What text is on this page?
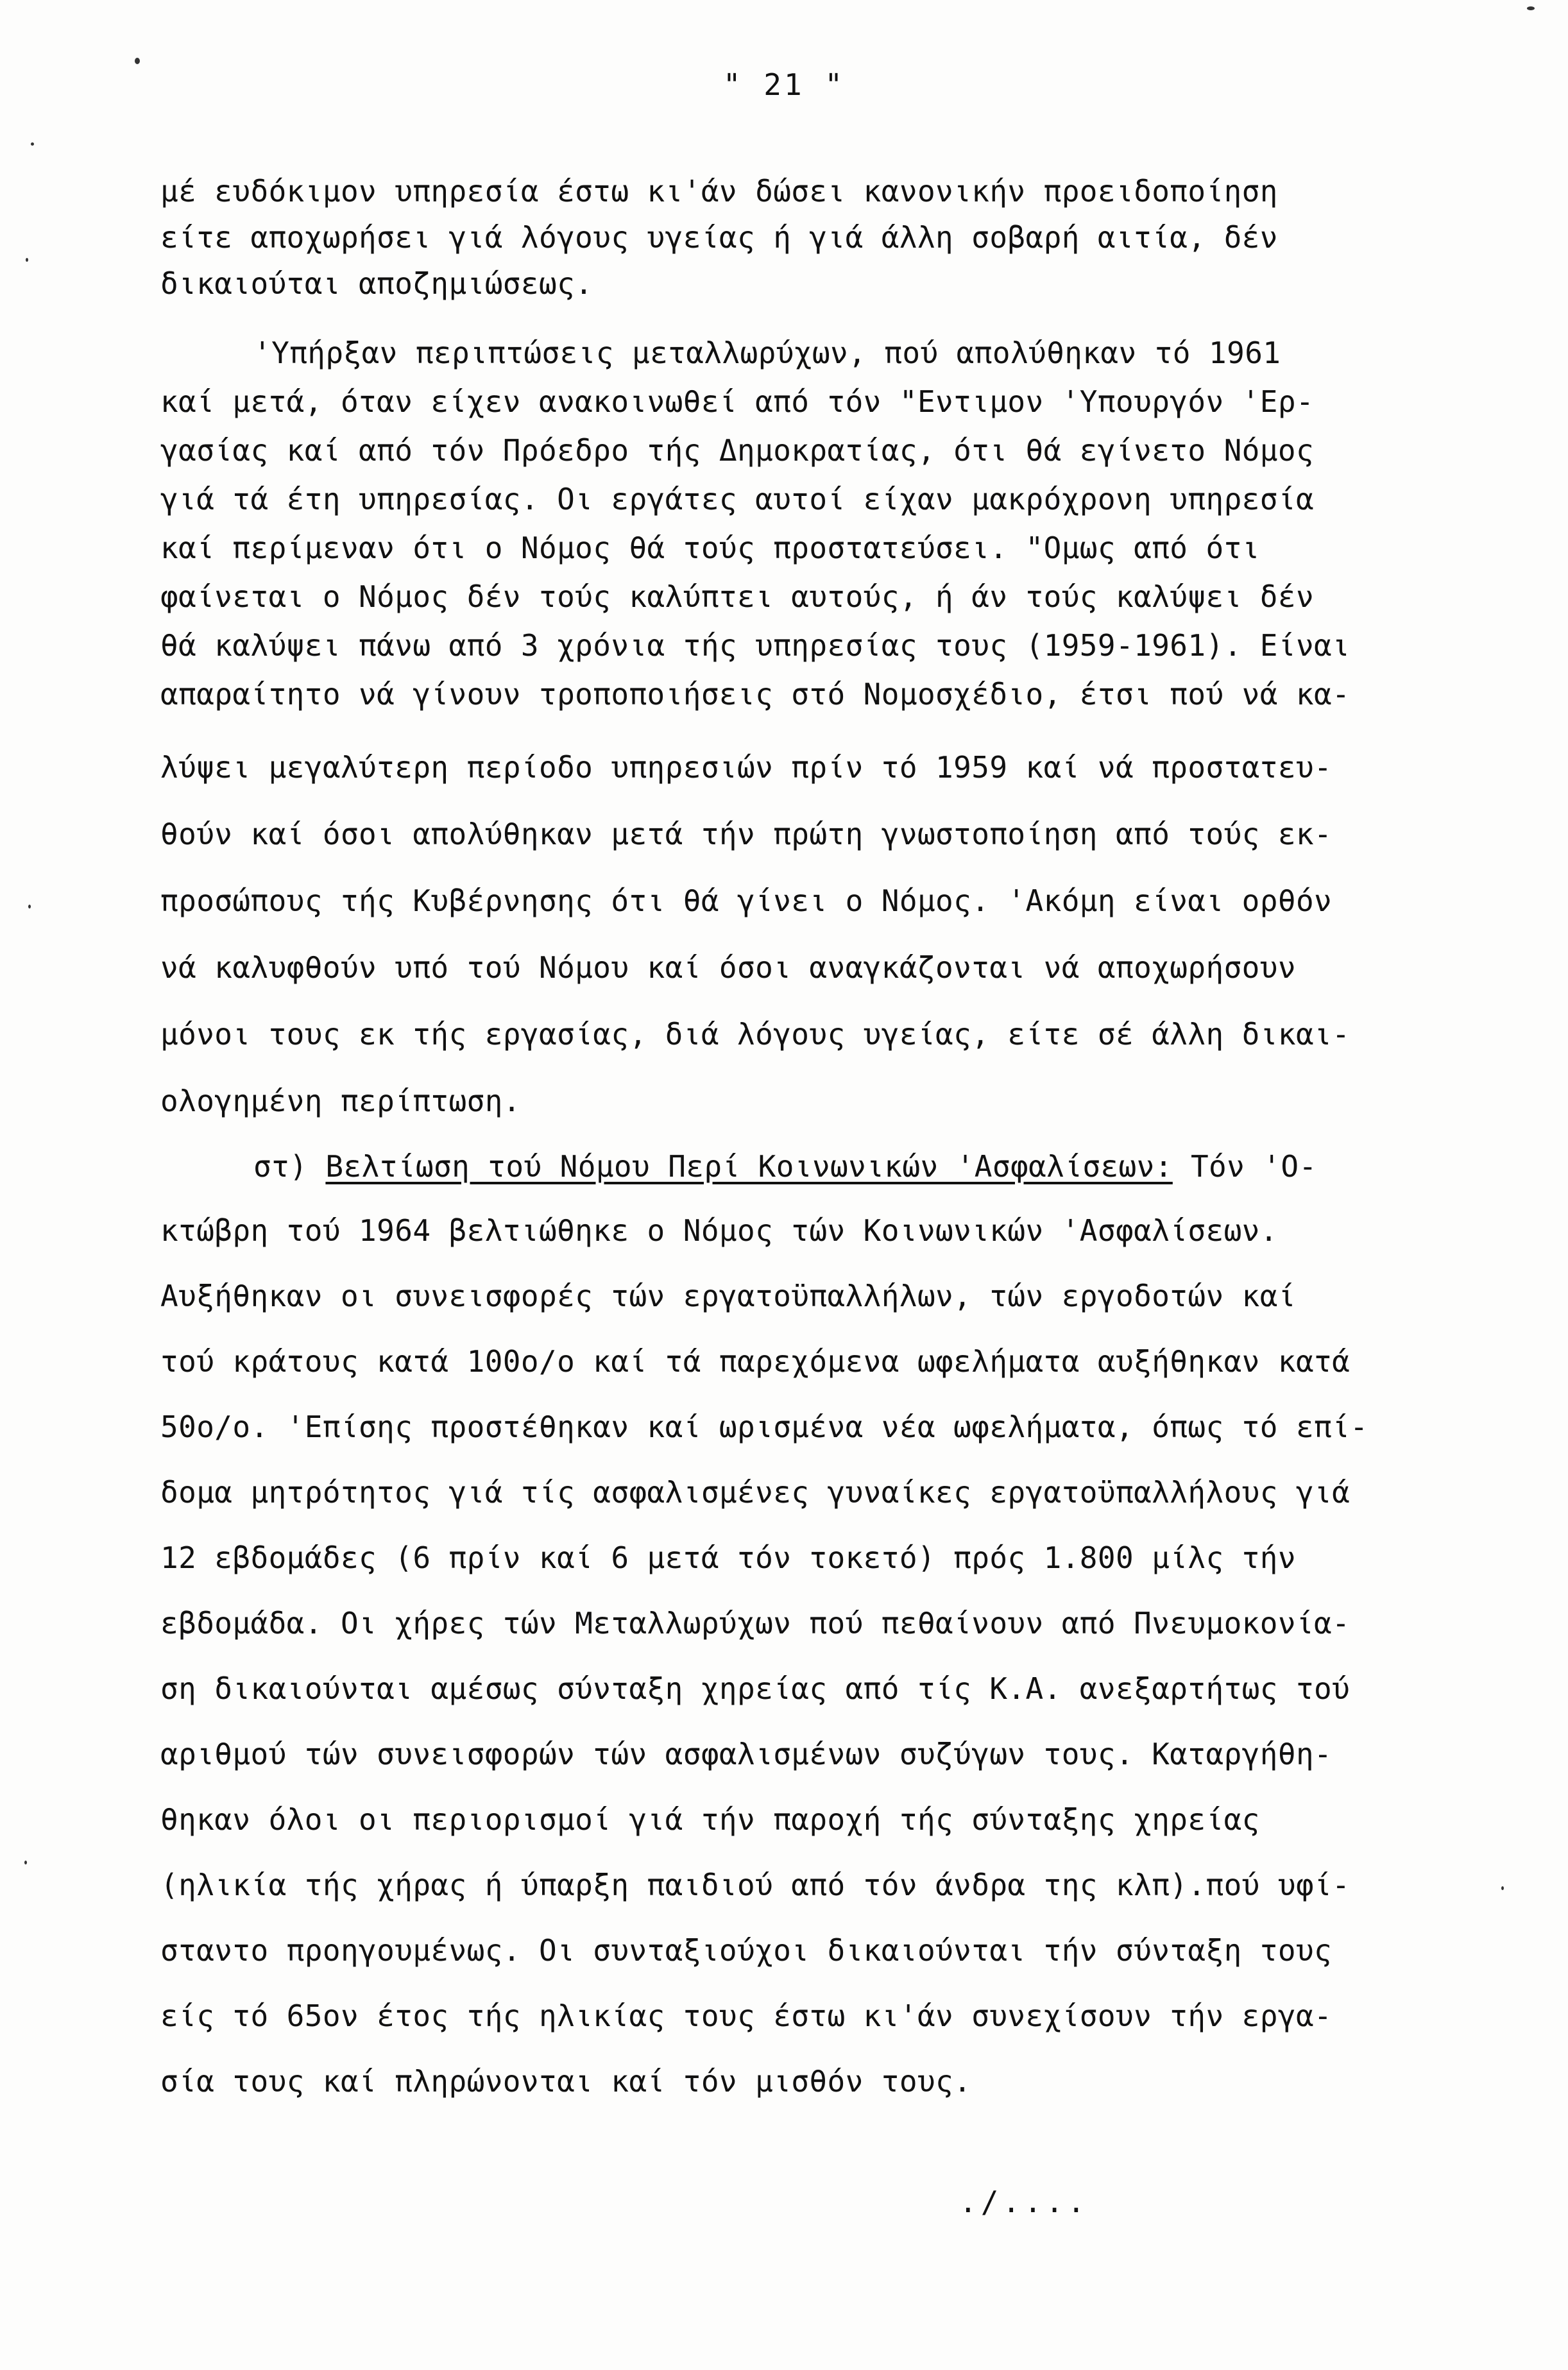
" 21 "
μέ ευδόκιμον υπηρεσία έστω κι'άν δώσει κανονικήν προειδοποίηση
είτε αποχωρήσει γιά λόγους υγείας ή γιά άλλη σοβαρή αιτία, δέν
δικαιούται αποζημιώσεως.
'Υπήρξαν περιπτώσεις μεταλλωρύχων, πού απολύθηκαν τό 1961
καί μετά, όταν είχεν ανακοινωθεί από τόν "Εντιμον 'Υπουργόν 'Ερ-
γασίας καί από τόν Πρόεδρο τής Δημοκρατίας, ότι θά εγίνετο Νόμος
γιά τά έτη υπηρεσίας. Οι εργάτες αυτοί είχαν μακρόχρονη υπηρεσία
καί περίμεναν ότι ο Νόμος θά τούς προστατεύσει. "Ομως από ότι
φαίνεται ο Νόμος δέν τούς καλύπτει αυτούς, ή άν τούς καλύψει δέν
θά καλύψει πάνω από 3 χρόνια τής υπηρεσίας τους (1959-1961). Είναι
απαραίτητο νά γίνουν τροποποιήσεις στό Νομοσχέδιο, έτσι πού νά κα-
λύψει μεγαλύτερη περίοδο υπηρεσιών πρίν τό 1959 καί νά προστατευ-
θούν καί όσοι απολύθηκαν μετά τήν πρώτη γνωστοποίηση από τούς εκ-
προσώπους τής Κυβέρνησης ότι θά γίνει ο Νόμος. 'Ακόμη είναι ορθόν
νά καλυφθούν υπό τού Νόμου καί όσοι αναγκάζονται νά αποχωρήσουν
μόνοι τους εκ τής εργασίας, διά λόγους υγείας, είτε σέ άλλη δικαι-
ολογημένη περίπτωση.
στ) Βελτίωση τού Νόμου Περί Κοινωνικών 'Ασφαλίσεων: Τόν 'Ο-
κτώβρη τού 1964 βελτιώθηκε ο Νόμος τών Κοινωνικών 'Ασφαλίσεων.
Αυξήθηκαν οι συνεισφορές τών εργατοϋπαλλήλων, τών εργοδοτών καί
τού κράτους κατά 100ο/ο καί τά παρεχόμενα ωφελήματα αυξήθηκαν κατά
50ο/ο. 'Επίσης προστέθηκαν καί ωρισμένα νέα ωφελήματα, όπως τό επί-
δομα μητρότητος γιά τίς ασφαλισμένες γυναίκες εργατοϋπαλλήλους γιά
12 εβδομάδες (6 πρίν καί 6 μετά τόν τοκετό) πρός 1.800 μίλς τήν
εβδομάδα. Οι χήρες τών Μεταλλωρύχων πού πεθαίνουν από Πνευμοκονία-
ση δικαιούνται αμέσως σύνταξη χηρείας από τίς Κ.Α. ανεξαρτήτως τού
αριθμού τών συνεισφορών τών ασφαλισμένων συζύγων τους. Καταργήθη-
θηκαν όλοι οι περιορισμοί γιά τήν παροχή τής σύνταξης χηρείας
(ηλικία τής χήρας ή ύπαρξη παιδιού από τόν άνδρα της κλπ).πού υφί-
σταντο προηγουμένως. Οι συνταξιούχοι δικαιούνται τήν σύνταξη τους
είς τό 65ον έτος τής ηλικίας τους έστω κι'άν συνεχίσουν τήν εργα-
σία τους καί πληρώνονται καί τόν μισθόν τους.
./....
